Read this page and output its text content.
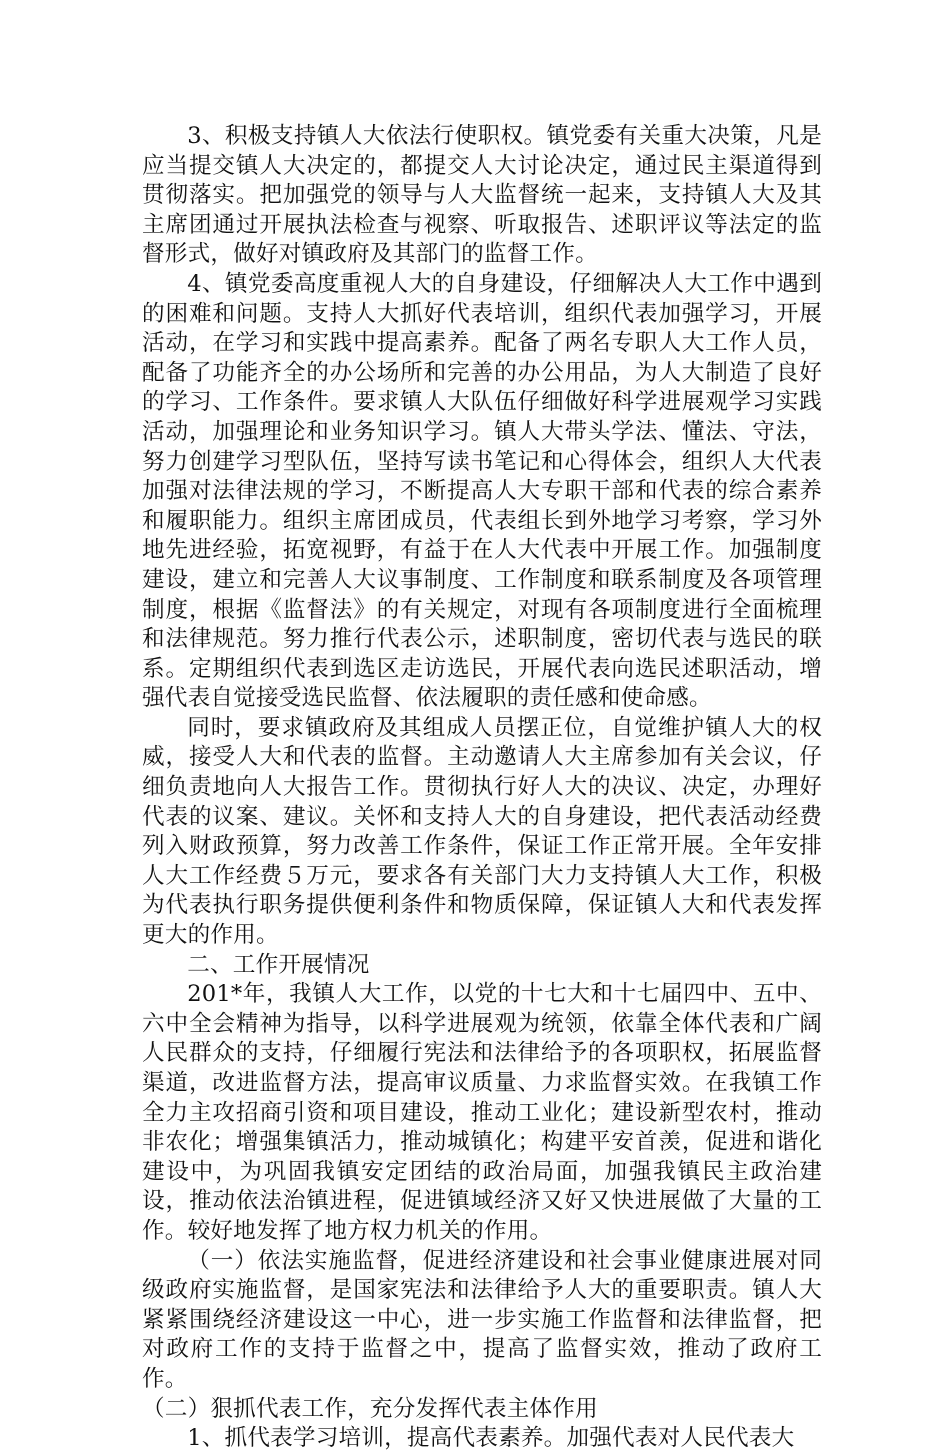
3、积极支持镇人大依法行使职权。镇党委有关重大决策，凡是应当提交镇人大决定的，都提交人大讨论决定，通过民主渠道得到贯彻落实。把加强党的领导与人大监督统一起来，支持镇人大及其主席团通过开展执法检查与视察、听取报告、述职评议等法定的监督形式，做好对镇政府及其部门的监督工作。

4、镇党委高度重视人大的自身建设，仔细解决人大工作中遇到的困难和问题。支持人大抓好代表培训，组织代表加强学习，开展活动，在学习和实践中提高素养。配备了两名专职人大工作人员，配备了功能齐全的办公场所和完善的办公用品，为人大制造了良好的学习、工作条件。要求镇人大队伍仔细做好科学进展观学习实践活动，加强理论和业务知识学习。镇人大带头学法、懂法、守法，努力创建学习型队伍，坚持写读书笔记和心得体会，组织人大代表加强对法律法规的学习，不断提高人大专职干部和代表的综合素养和履职能力。组织主席团成员，代表组长到外地学习考察，学习外地先进经验，拓宽视野，有益于在人大代表中开展工作。加强制度建设，建立和完善人大议事制度、工作制度和联系制度及各项管理制度，根据《监督法》的有关规定，对现有各项制度进行全面梳理和法律规范。努力推行代表公示，述职制度，密切代表与选民的联系。定期组织代表到选区走访选民，开展代表向选民述职活动，增强代表自觉接受选民监督、依法履职的责任感和使命感。

同时，要求镇政府及其组成人员摆正位，自觉维护镇人大的权威，接受人大和代表的监督。主动邀请人大主席参加有关会议，仔细负责地向人大报告工作。贯彻执行好人大的决议、决定，办理好代表的议案、建议。关怀和支持人大的自身建设，把代表活动经费列入财政预算，努力改善工作条件，保证工作正常开展。全年安排人大工作经费５万元，要求各有关部门大力支持镇人大工作，积极为代表执行职务提供便利条件和物质保障，保证镇人大和代表发挥更大的作用。

二、工作开展情况

201*年，我镇人大工作，以党的十七大和十七届四中、五中、六中全会精神为指导，以科学进展观为统领，依靠全体代表和广阔人民群众的支持，仔细履行宪法和法律给予的各项职权，拓展监督渠道，改进监督方法，提高审议质量、力求监督实效。在我镇工作全力主攻招商引资和项目建设，推动工业化；建设新型农村，推动非农化；增强集镇活力，推动城镇化；构建平安首羡，促进和谐化建设中，为巩固我镇安定团结的政治局面，加强我镇民主政治建设，推动依法治镇进程，促进镇域经济又好又快进展做了大量的工作。较好地发挥了地方权力机关的作用。

（一）依法实施监督，促进经济建设和社会事业健康进展对同级政府实施监督，是国家宪法和法律给予人大的重要职责。镇人大紧紧围绕经济建设这一中心，进一步实施工作监督和法律监督，把对政府工作的支持于监督之中，提高了监督实效，推动了政府工作。

（二）狠抓代表工作，充分发挥代表主体作用

1、抓代表学习培训，提高代表素养。加强代表对人民代表大
